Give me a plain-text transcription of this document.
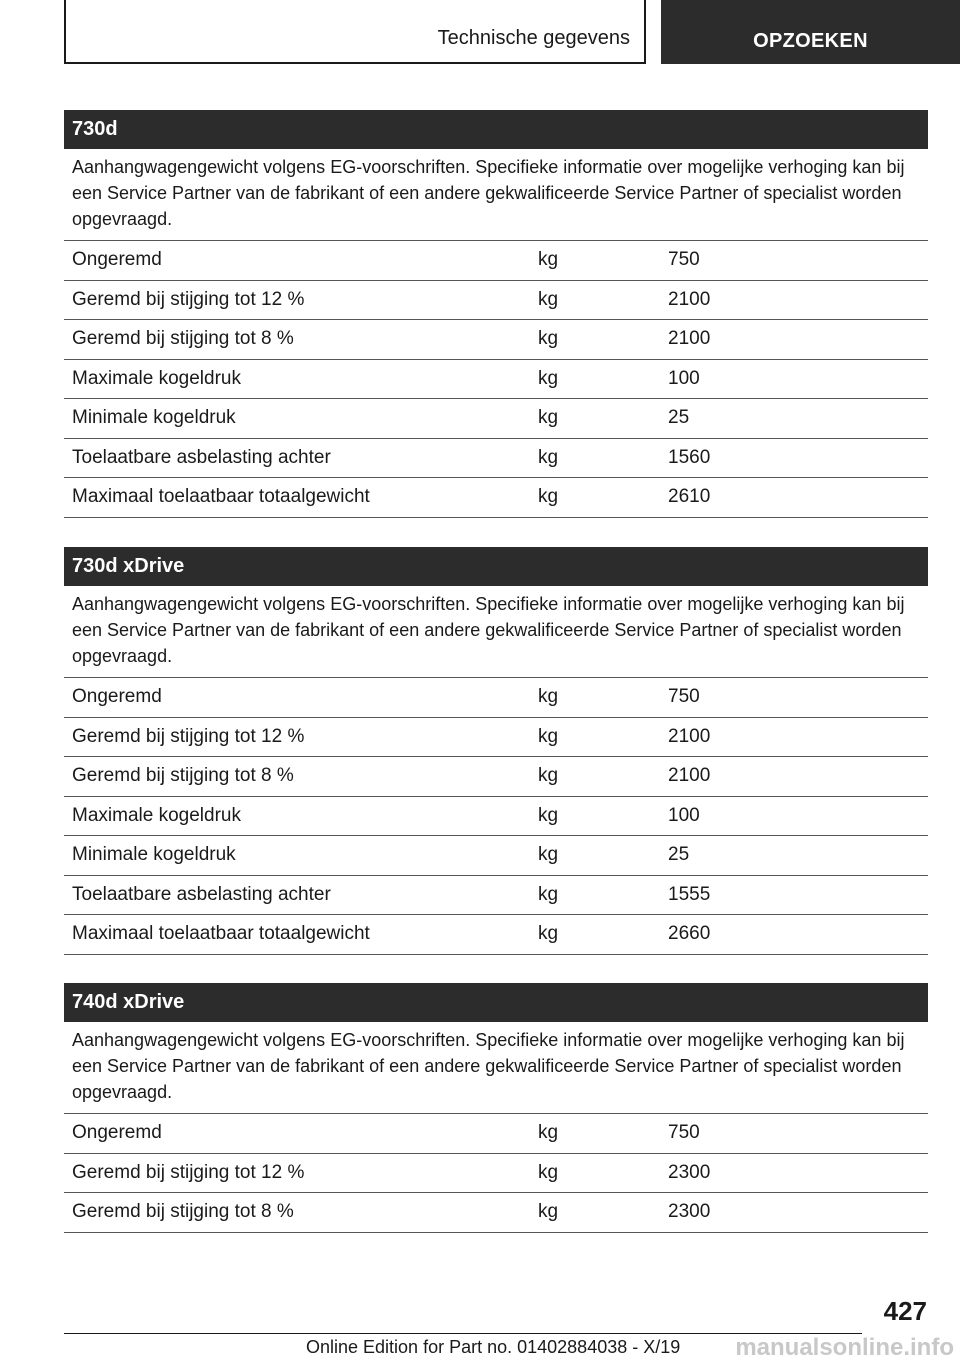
Technische gegevens	OPZOEKEN
730d
Aanhangwagengewicht volgens EG-voorschriften. Specifieke informatie over mogelijke verhoging kan bij een Service Partner van de fabrikant of een andere gekwalificeerde Service Partner of specialist worden opgevraagd.
Ongeremd	kg	750
Geremd bij stijging tot 12 %	kg	2100
Geremd bij stijging tot 8 %	kg	2100
Maximale kogeldruk	kg	100
Minimale kogeldruk	kg	25
Toelaatbare asbelasting achter	kg	1560
Maximaal toelaatbaar totaalgewicht	kg	2610
730d xDrive
Aanhangwagengewicht volgens EG-voorschriften. Specifieke informatie over mogelijke verhoging kan bij een Service Partner van de fabrikant of een andere gekwalificeerde Service Partner of specialist worden opgevraagd.
Ongeremd	kg	750
Geremd bij stijging tot 12 %	kg	2100
Geremd bij stijging tot 8 %	kg	2100
Maximale kogeldruk	kg	100
Minimale kogeldruk	kg	25
Toelaatbare asbelasting achter	kg	1555
Maximaal toelaatbaar totaalgewicht	kg	2660
740d xDrive
Aanhangwagengewicht volgens EG-voorschriften. Specifieke informatie over mogelijke verhoging kan bij een Service Partner van de fabrikant of een andere gekwalificeerde Service Partner of specialist worden opgevraagd.
Ongeremd	kg	750
Geremd bij stijging tot 12 %	kg	2300
Geremd bij stijging tot 8 %	kg	2300
427
Online Edition for Part no. 01402884038 - X/19 manualsonline.info
